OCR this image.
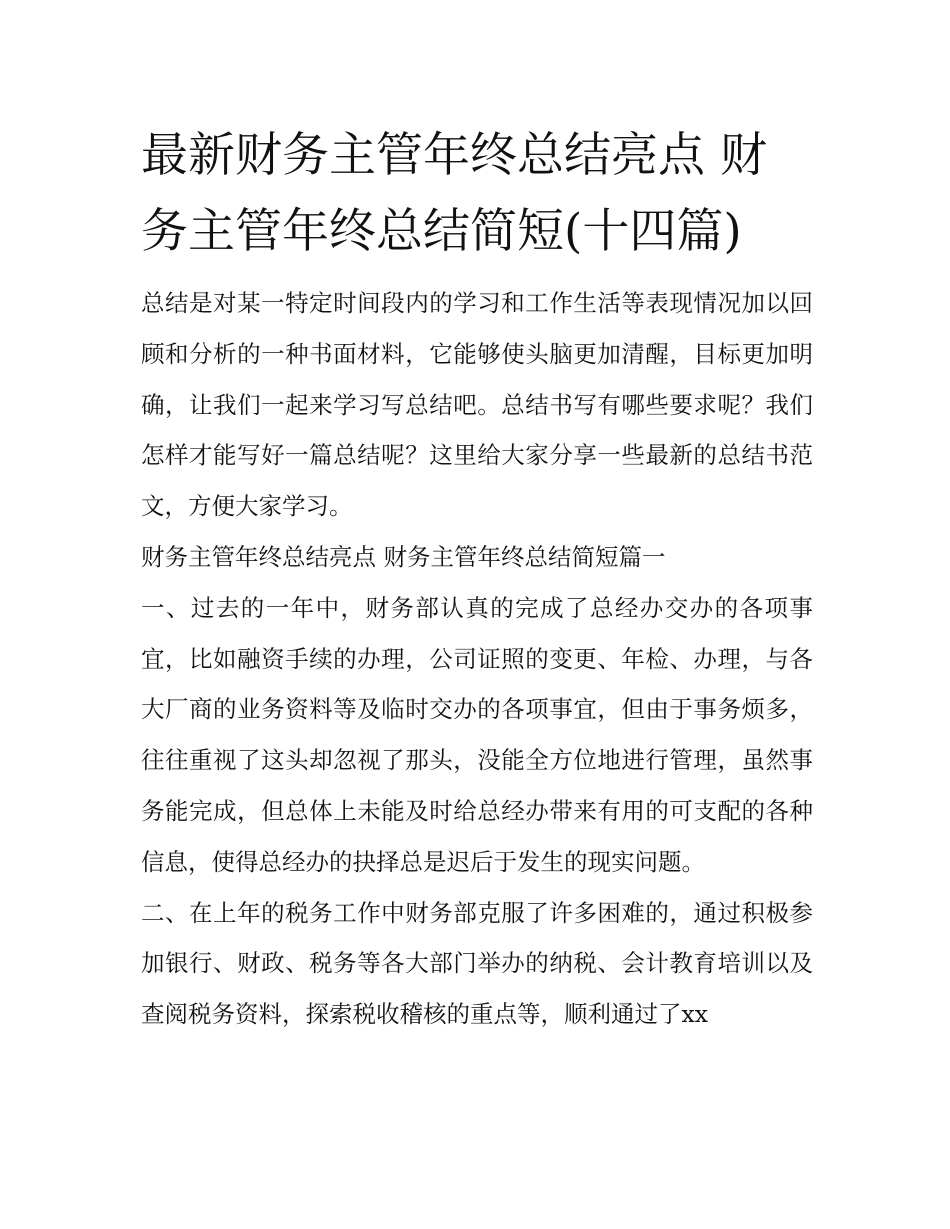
最新财务主管年终总结亮点 财务主管年终总结简短(十四篇)

总结是对某一特定时间段内的学习和工作生活等表现情况加以回顾和分析的一种书面材料，它能够使头脑更加清醒，目标更加明确，让我们一起来学习写总结吧。总结书写有哪些要求呢？我们怎样才能写好一篇总结呢？这里给大家分享一些最新的总结书范文，方便大家学习。

财务主管年终总结亮点 财务主管年终总结简短篇一

一、过去的一年中，财务部认真的完成了总经办交办的各项事宜，比如融资手续的办理，公司证照的变更、年检、办理，与各大厂商的业务资料等及临时交办的各项事宜，但由于事务烦多，往往重视了这头却忽视了那头，没能全方位地进行管理，虽然事务能完成，但总体上未能及时给总经办带来有用的可支配的各种信息，使得总经办的抉择总是迟后于发生的现实问题。

二、在上年的税务工作中财务部克服了许多困难的，通过积极参加银行、财政、税务等各大部门举办的纳税、会计教育培训以及查阅税务资料，探索税收稽核的重点等，顺利通过了xx
